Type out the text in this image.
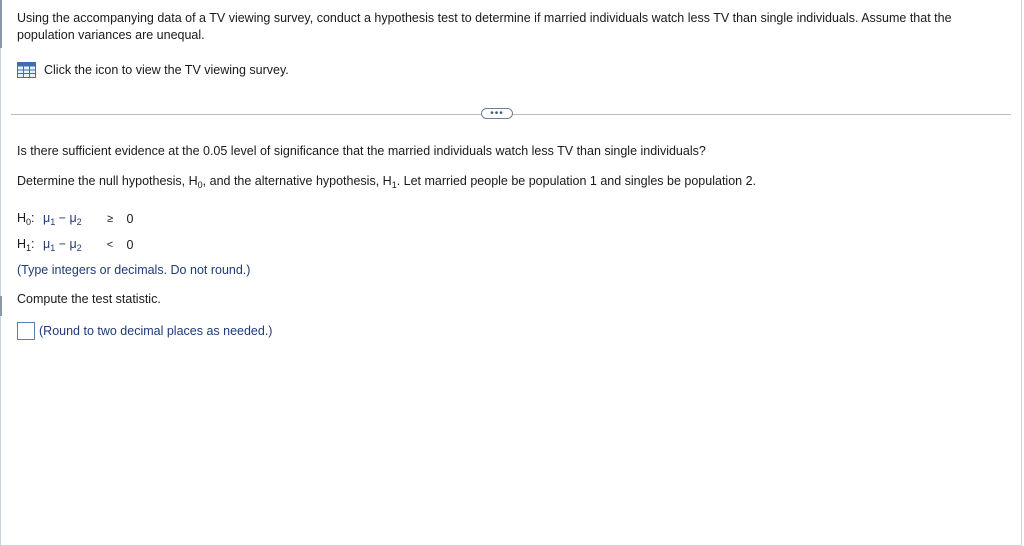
Using the accompanying data of a TV viewing survey, conduct a hypothesis test to determine if married individuals watch less TV than single individuals. Assume that the population variances are unequal.
Click the icon to view the TV viewing survey.
•••
Is there sufficient evidence at the 0.05 level of significance that the married individuals watch less TV than single individuals?
Determine the null hypothesis, $H_0$, and the alternative hypothesis, $H_1$. Let married people be population 1 and singles be population 2.
$H_0$: $\mu_1 - \mu_2$	≥	0
$H_1$: $\mu_1 - \mu_2$	<	0
(Type integers or decimals. Do not round.)
Compute the test statistic.
(Round to two decimal places as needed.)
